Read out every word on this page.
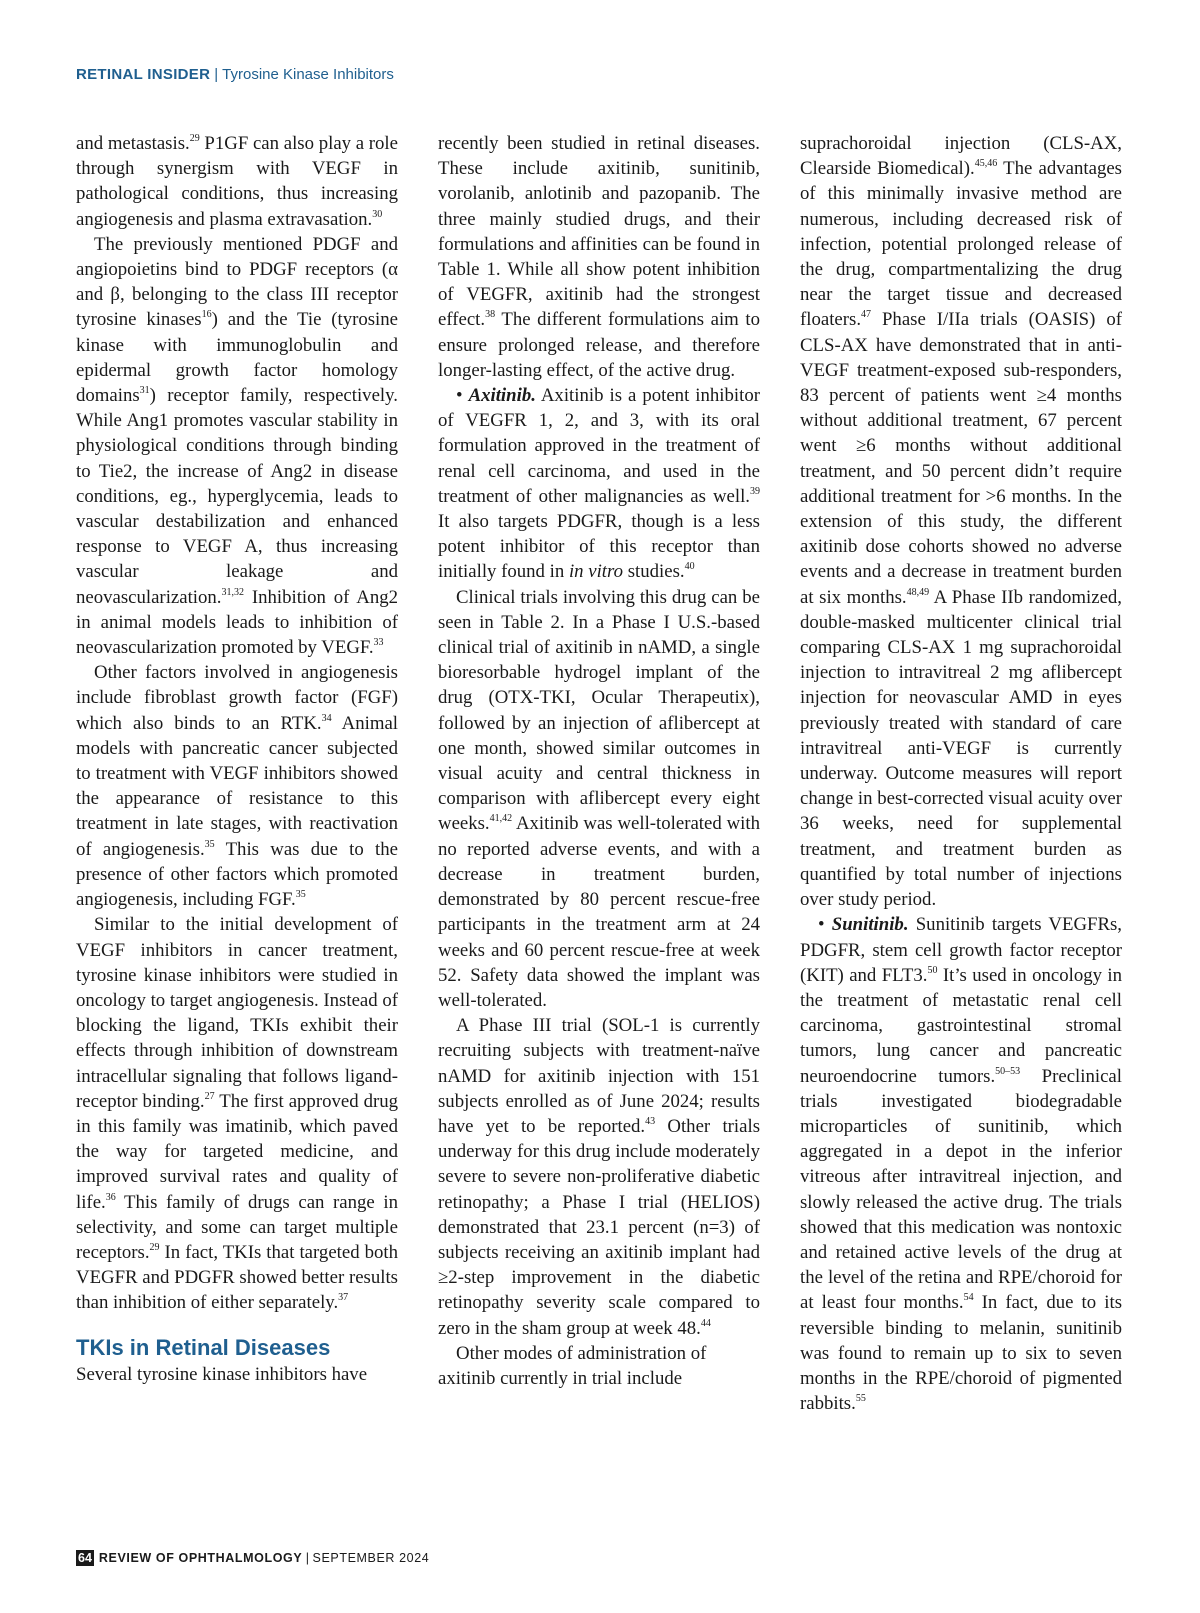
RETINAL INSIDER | Tyrosine Kinase Inhibitors

and metastasis.$^{29}$ P1GF can also play a role through synergism with VEGF in pathological conditions, thus increasing angiogenesis and plasma extravasation.$^{30}$

The previously mentioned PDGF and angiopoietins bind to PDGF receptors (α and β, belonging to the class III receptor tyrosine kinases$^{16}$) and the Tie (tyrosine kinase with immunoglobulin and epidermal growth factor homology domains$^{31}$) receptor family, respectively. While Ang1 promotes vascular stability in physiological conditions through binding to Tie2, the increase of Ang2 in disease conditions, eg., hyperglycemia, leads to vascular destabilization and enhanced response to VEGF A, thus increasing vascular leakage and neovascularization.$^{31,32}$ Inhibition of Ang2 in animal models leads to inhibition of neovascularization promoted by VEGF.$^{33}$

Other factors involved in angiogenesis include fibroblast growth factor (FGF) which also binds to an RTK.$^{34}$ Animal models with pancreatic cancer subjected to treatment with VEGF inhibitors showed the appearance of resistance to this treatment in late stages, with reactivation of angiogenesis.$^{35}$ This was due to the presence of other factors which promoted angiogenesis, including FGF.$^{35}$

Similar to the initial development of VEGF inhibitors in cancer treatment, tyrosine kinase inhibitors were studied in oncology to target angiogenesis. Instead of blocking the ligand, TKIs exhibit their effects through inhibition of downstream intracellular signaling that follows ligand-receptor binding.$^{27}$ The first approved drug in this family was imatinib, which paved the way for targeted medicine, and improved survival rates and quality of life.$^{36}$ This family of drugs can range in selectivity, and some can target multiple receptors.$^{29}$ In fact, TKIs that targeted both VEGFR and PDGFR showed better results than inhibition of either separately.$^{37}$

TKIs in Retinal Diseases

Several tyrosine kinase inhibitors have

recently been studied in retinal diseases. These include axitinib, sunitinib, vorolanib, anlotinib and pazopanib. The three mainly studied drugs, and their formulations and affinities can be found in Table 1. While all show potent inhibition of VEGFR, axitinib had the strongest effect.$^{38}$ The different formulations aim to ensure prolonged release, and therefore longer-lasting effect, of the active drug.

• Axitinib. Axitinib is a potent inhibitor of VEGFR 1, 2, and 3, with its oral formulation approved in the treatment of renal cell carcinoma, and used in the treatment of other malignancies as well.$^{39}$ It also targets PDGFR, though is a less potent inhibitor of this receptor than initially found in in vitro studies.$^{40}$

Clinical trials involving this drug can be seen in Table 2. In a Phase I U.S.-based clinical trial of axitinib in nAMD, a single bioresorbable hydrogel implant of the drug (OTX-TKI, Ocular Therapeutix), followed by an injection of aflibercept at one month, showed similar outcomes in visual acuity and central thickness in comparison with aflibercept every eight weeks.$^{41,42}$ Axitinib was well-tolerated with no reported adverse events, and with a decrease in treatment burden, demonstrated by 80 percent rescue-free participants in the treatment arm at 24 weeks and 60 percent rescue-free at week 52. Safety data showed the implant was well-tolerated.

A Phase III trial (SOL-1 is currently recruiting subjects with treatment-naïve nAMD for axitinib injection with 151 subjects enrolled as of June 2024; results have yet to be reported.$^{43}$ Other trials underway for this drug include moderately severe to severe non-proliferative diabetic retinopathy; a Phase I trial (HELIOS) demonstrated that 23.1 percent (n=3) of subjects receiving an axitinib implant had ≥2-step improvement in the diabetic retinopathy severity scale compared to zero in the sham group at week 48.44

Other modes of administration of axitinib currently in trial include

suprachoroidal injection (CLS-AX, Clearside Biomedical).$^{45,46}$ The advantages of this minimally invasive method are numerous, including decreased risk of infection, potential prolonged release of the drug, compartmentalizing the drug near the target tissue and decreased floaters.$^{47}$ Phase I/IIa trials (OASIS) of CLS-AX have demonstrated that in anti-VEGF treatment-exposed sub-responders, 83 percent of patients went ≥4 months without additional treatment, 67 percent went ≥6 months without additional treatment, and 50 percent didn’t require additional treatment for >6 months. In the extension of this study, the different axitinib dose cohorts showed no adverse events and a decrease in treatment burden at six months.$^{48,49}$ A Phase IIb randomized, double-masked multicenter clinical trial comparing CLS-AX 1 mg suprachoroidal injection to intravitreal 2 mg aflibercept injection for neovascular AMD in eyes previously treated with standard of care intravitreal anti-VEGF is currently underway. Outcome measures will report change in best-corrected visual acuity over 36 weeks, need for supplemental treatment, and treatment burden as quantified by total number of injections over study period.

• Sunitinib. Sunitinib targets VEGFRs, PDGFR, stem cell growth factor receptor (KIT) and FLT3.50 It’s used in oncology in the treatment of metastatic renal cell carcinoma, gastrointestinal stromal tumors, lung cancer and pancreatic neuroendocrine tumors.$^{50-53}$ Preclinical trials investigated biodegradable microparticles of sunitinib, which aggregated in a depot in the inferior vitreous after intravitreal injection, and slowly released the active drug. The trials showed that this medication was nontoxic and retained active levels of the drug at the level of the retina and RPE/choroid for at least four months.$^{54}$ In fact, due to its reversible binding to melanin, sunitinib was found to remain up to six to seven months in the RPE/choroid of pigmented rabbits.$^{55}$

64 REVIEW OF OPHTHALMOLOGY | SEPTEMBER 2024
